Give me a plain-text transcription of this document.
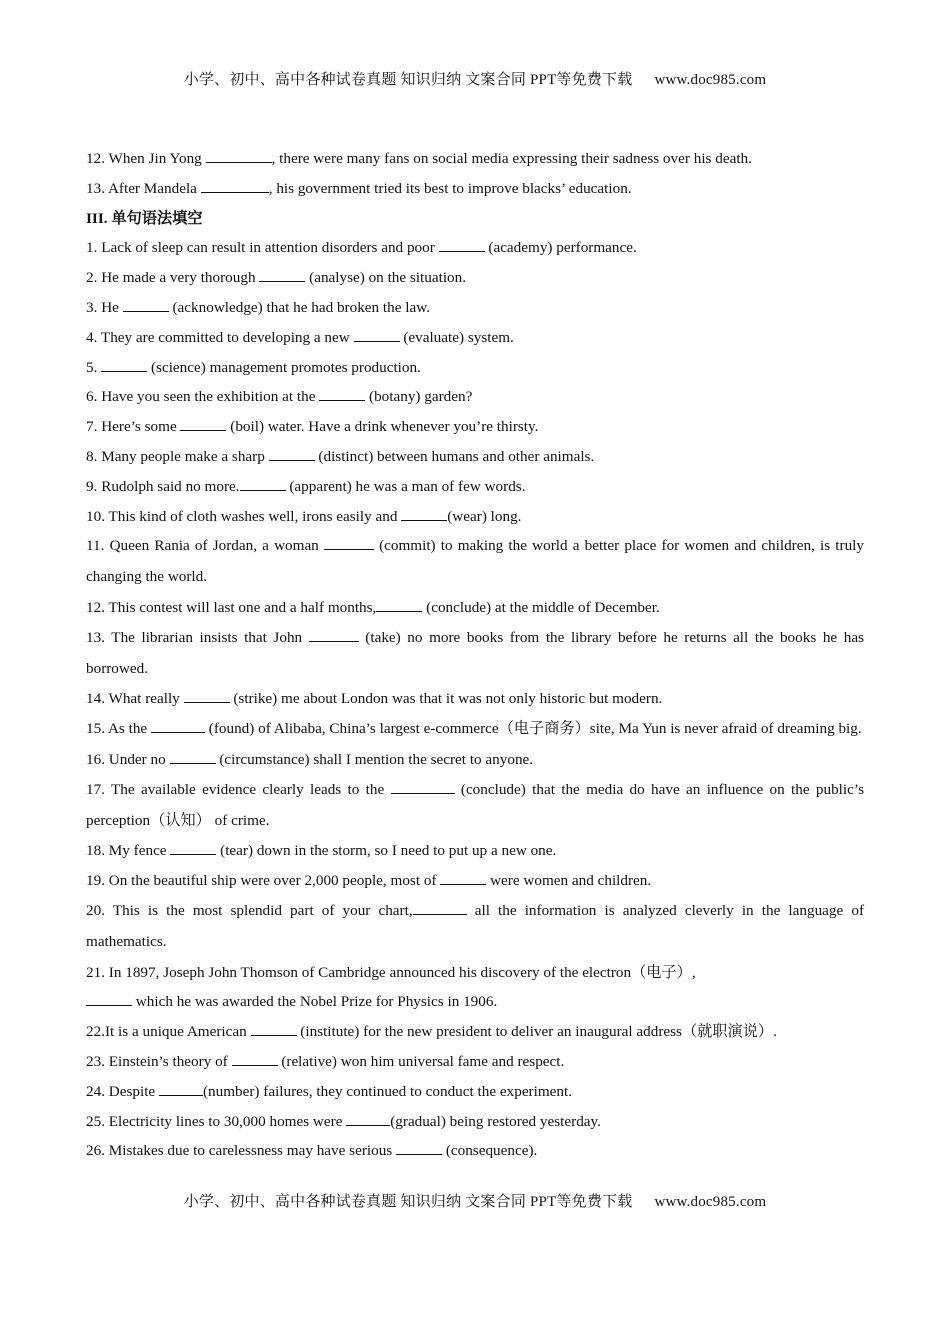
小学、初中、高中各种试卷真题 知识归纳 文案合同 PPT等免费下载 www.doc985.com
12. When Jin Yong	, there were many fans on social media expressing their sadness over his death.
13. After Mandela	, his government tried its best to improve blacks’ education.
III. 单句语法填空
1. Lack of sleep can result in attention disorders and poor	(academy) performance.
2. He made a very thorough	(analyse) on the situation.
3. He	(acknowledge) that he had broken the law.
4. They are committed to developing a new	(evaluate) system.
5.	(science) management promotes production.
6. Have you seen the exhibition at the	(botany) garden?
7. Here’s some	(boil) water. Have a drink whenever you’re thirsty.
8. Many people make a sharp	(distinct) between humans and other animals.
9. Rudolph said no more.	(apparent) he was a man of few words.
10. This kind of cloth washes well, irons easily and	(wear) long.
11. Queen Rania of Jordan, a woman	(commit) to making the world a better place for women and children, is truly changing the world.
12. This contest will last one and a half months,	(conclude) at the middle of December.
13. The librarian insists that John	(take) no more books from the library before he returns all the books he has borrowed.
14. What really	(strike) me about London was that it was not only historic but modern.
15. As the	(found) of Alibaba, China’s largest e-commerce（电子商务）site, Ma Yun is never afraid of dreaming big.
16. Under no	(circumstance) shall I mention the secret to anyone.
17. The available evidence clearly leads to the	(conclude) that the media do have an influence on the public’s perception（认知） of crime.
18. My fence	(tear) down in the storm, so I need to put up a new one.
19. On the beautiful ship were over 2,000 people, most of	were women and children.
20. This is the most splendid part of your chart,	all the information is analyzed cleverly in the language of mathematics.
21. In 1897, Joseph John Thomson of Cambridge announced his discovery of the electron（电子）,
which he was awarded the Nobel Prize for Physics in 1906.
22.It is a unique American	(institute) for the new president to deliver an inaugural address（就职演说）.
23. Einstein’s theory of	(relative) won him universal fame and respect.
24. Despite	(number) failures, they continued to conduct the experiment.
25. Electricity lines to 30,000 homes were	(gradual) being restored yesterday.
26. Mistakes due to carelessness may have serious	(consequence).
小学、初中、高中各种试卷真题 知识归纳 文案合同 PPT等免费下载 www.doc985.com
